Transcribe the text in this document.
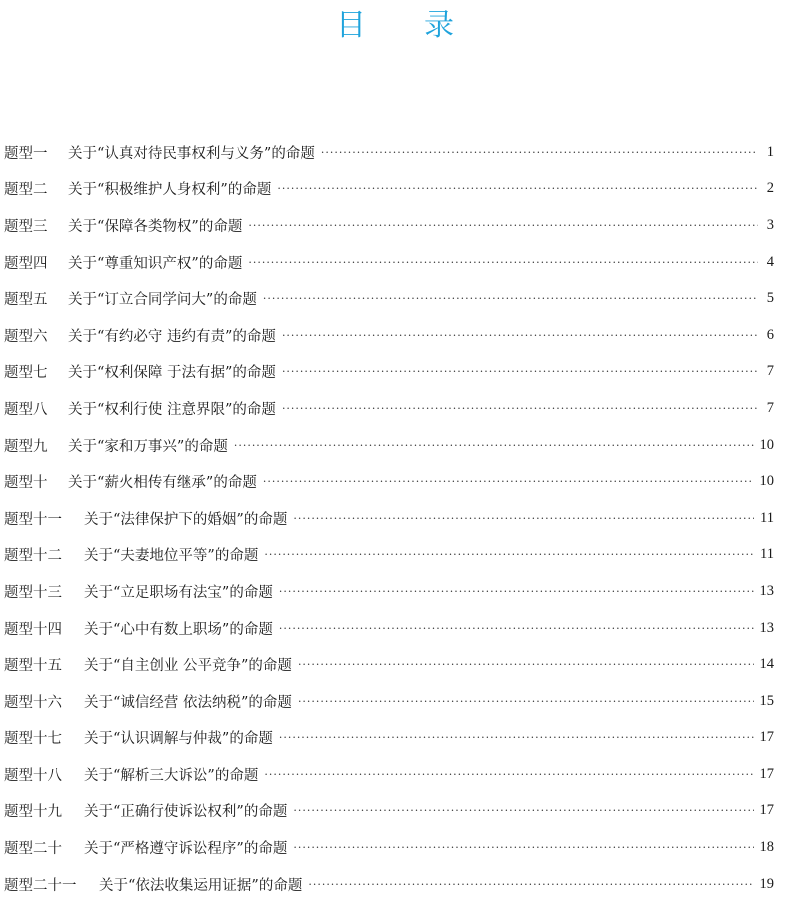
目 录
题型一	关于“认真对待民事权利与义务”的命题 ·····	1
题型二	关于“积极维护人身权利”的命题 ·····	2
题型三	关于“保障各类物权”的命题 ·····	3
题型四	关于“尊重知识产权”的命题 ·····	4
题型五	关于“订立合同学问大”的命题 ·····	5
题型六	关于“有约必守 违约有责”的命题 ·····	6
题型七	关于“权利保障 于法有据”的命题 ·····	7
题型八	关于“权利行使 注意界限”的命题 ·····	7
题型九	关于“家和万事兴”的命题 ·····	10
题型十	关于“薪火相传有继承”的命题 ·····	10
题型十一	关于“法律保护下的婚姻”的命题 ·····	11
题型十二	关于“夫妻地位平等”的命题 ·····	11
题型十三	关于“立足职场有法宝”的命题 ·····	13
题型十四	关于“心中有数上职场”的命题 ·····	13
题型十五	关于“自主创业 公平竞争”的命题 ·····	14
题型十六	关于“诚信经营 依法纳税”的命题 ·····	15
题型十七	关于“认识调解与仲裁”的命题 ·····	17
题型十八	关于“解析三大诉讼”的命题 ·····	17
题型十九	关于“正确行使诉讼权利”的命题 ·····	17
题型二十	关于“严格遵守诉讼程序”的命题 ·····	18
题型二十一	关于“依法收集运用证据”的命题 ·····	19
